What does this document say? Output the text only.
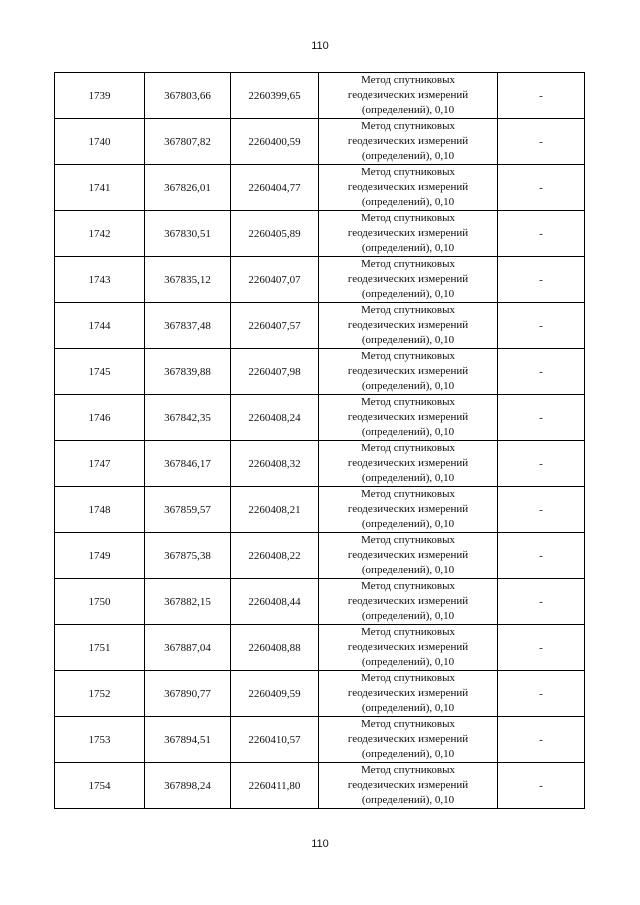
110
1739	367803,66	2260399,65	Метод спутниковых геодезических измерений (определений), 0,10	-
1740	367807,82	2260400,59	Метод спутниковых геодезических измерений (определений), 0,10	-
1741	367826,01	2260404,77	Метод спутниковых геодезических измерений (определений), 0,10	-
1742	367830,51	2260405,89	Метод спутниковых геодезических измерений (определений), 0,10	-
1743	367835,12	2260407,07	Метод спутниковых геодезических измерений (определений), 0,10	-
1744	367837,48	2260407,57	Метод спутниковых геодезических измерений (определений), 0,10	-
1745	367839,88	2260407,98	Метод спутниковых геодезических измерений (определений), 0,10	-
1746	367842,35	2260408,24	Метод спутниковых геодезических измерений (определений), 0,10	-
1747	367846,17	2260408,32	Метод спутниковых геодезических измерений (определений), 0,10	-
1748	367859,57	2260408,21	Метод спутниковых геодезических измерений (определений), 0,10	-
1749	367875,38	2260408,22	Метод спутниковых геодезических измерений (определений), 0,10	-
1750	367882,15	2260408,44	Метод спутниковых геодезических измерений (определений), 0,10	-
1751	367887,04	2260408,88	Метод спутниковых геодезических измерений (определений), 0,10	-
1752	367890,77	2260409,59	Метод спутниковых геодезических измерений (определений), 0,10	-
1753	367894,51	2260410,57	Метод спутниковых геодезических измерений (определений), 0,10	-
1754	367898,24	2260411,80	Метод спутниковых геодезических измерений (определений), 0,10	-
110
